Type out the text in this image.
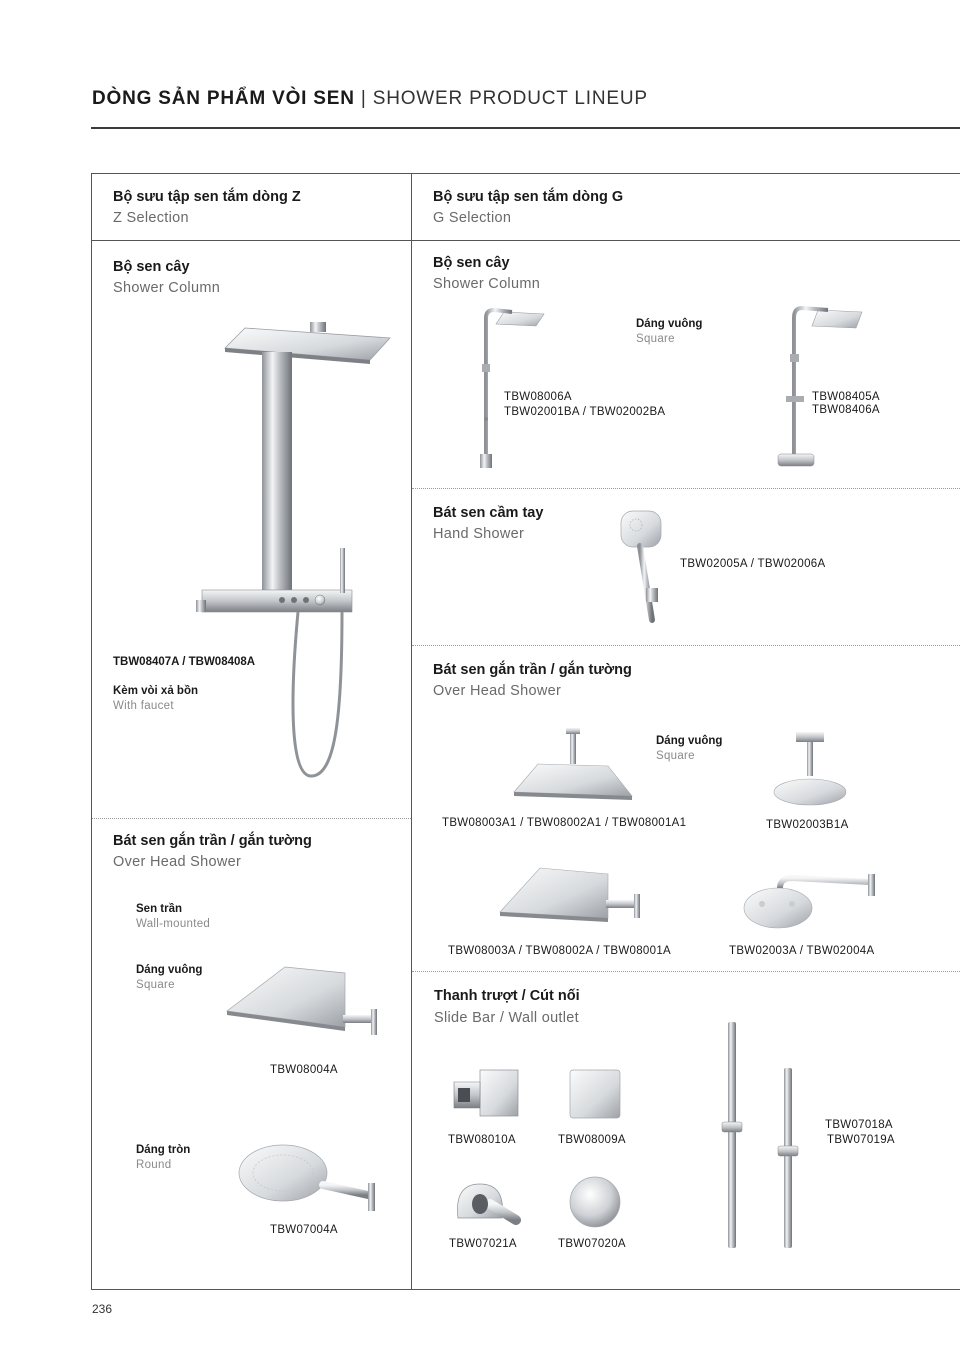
DÒNG SẢN PHẨM VÒI SEN | SHOWER PRODUCT LINEUP
Bộ sưu tập sen tắm dòng Z
Z Selection
Bộ sưu tập sen tắm dòng G
G Selection
Bộ sen cây
Shower Column
TBW08407A / TBW08408A
Kèm vòi xả bồn
With faucet
Bát sen gắn trần / gắn tường
Over Head Shower
Sen trần
Wall-mounted
Dáng vuông
Square
TBW08004A
Dáng tròn
Round
TBW07004A
Bộ sen cây
Shower Column
Dáng vuông
Square
TBW08006A
TBW02001BA / TBW02002BA
TBW08405A
TBW08406A
Bát sen cầm tay
Hand Shower
TBW02005A / TBW02006A
Bát sen gắn trần / gắn tường
Over Head Shower
Dáng vuông
Square
TBW08003A1 / TBW08002A1 / TBW08001A1	TBW02003B1A
TBW08003A / TBW08002A / TBW08001A	TBW02003A / TBW02004A
Thanh trượt / Cút nối
Slide Bar / Wall outlet
TBW08010A	TBW08009A
TBW07021A	TBW07020A
TBW07018A
TBW07019A
236
